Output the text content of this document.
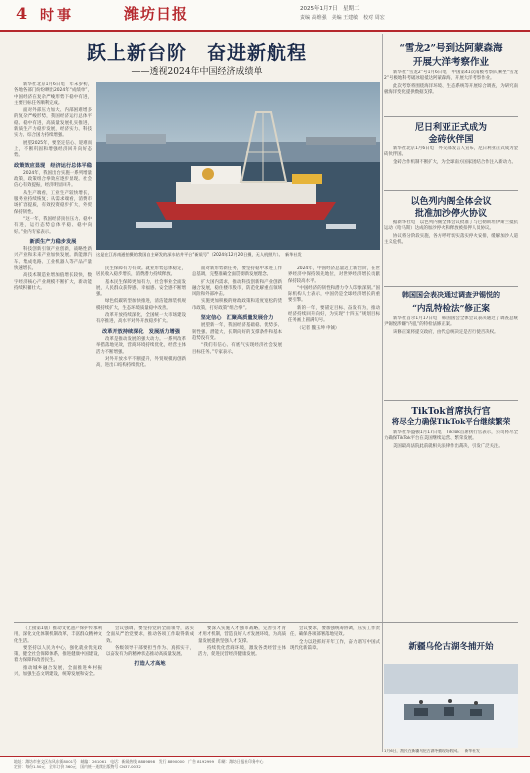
4 时事	潍坊日报	2025年1月7日　星期二
责编 高维强　美编 王建敏　校对 周宏
跃上新台阶　奋进新航程
——透视2024年中国经济成绩单

新华社北京1月6日电　年末岁初，各地各部门纷纷晒出2024年“成绩单”，中国经济在复杂严峻形势下稳中有进，主要目标任务顺利完成。

面对外部压力加大、内部困难增多的复杂严峻形势，我国经济运行总体平稳、稳中有进，高质量发展扎实推进，新质生产力稳步发展，经济实力、科技实力、综合国力持续增强。

展望2025年，要坚定信心、迎难而上，不断巩固和增强经济回升向好态势。

政策效应显现　经济运行总体平稳

2024年，我国出台实施一系列增量政策，政策组合拳效应逐步显现。社会信心有效提振，经济明显回升。

从生产端看，工业生产较快增长，服务业持续恢复；从需求端看，消费市场扩容提质，有效投资稳步扩大，外贸保持韧性。

“这一年，我国经济顶住压力、稳中有进，运行态势总体平稳、稳中向好。”业内专家表示。

新质生产力稳步发展

科技创新引领产业创新，战略性新兴产业和未来产业加快发展。新能源汽车、集成电路、工业机器人等产品产量快速增长。

高技术制造业增加值增长较快，数字经济核心产业规模不断扩大，新动能持续积蓄壮大。

这是在江苏南通拍摄的我国自主研发的深水钻井平台“新质号”（2024年12月20日摄，无人机照片）。　新华社发

民生保障有力有效。就业形势总体稳定，居民收入稳步增长，消费潜力持续释放。

基本民生保障更加有力，社会事业全面发展，人民群众获得感、幸福感、安全感不断增强。

绿色低碳转型加快推进，清洁能源装机规模持续扩大，生态环境质量稳中改善。

改革开放持续深化，全国统一大市场建设有序推进，高水平对外开放稳步扩大。

改革开放持续深化　发展活力增强

改革是推动发展的强大动力。一系列改革举措落地见效，营商环境持续优化，经营主体活力不断增强。

对外开放水平不断提升，外贸规模再创新高，进出口结构持续优化。

面对新形势新任务，要坚持稳中求进工作总基调，完整准确全面贯彻新发展理念。

扩大国内需求，推动科技创新和产业创新融合发展，稳住楼市股市，防范化解重点领域风险和外部冲击。

实施更加积极的财政政策和适度宽松的货币政策，打好政策“组合拳”。

坚定信心　汇聚高质量发展合力

展望新一年，我国经济基础稳、优势多、韧性强、潜能大，长期向好的支撑条件和基本趋势没有变。

“我们有信心、有底气实现经济社会发展目标任务。”专家表示。

2024年，中国经济总量迈上新台阶，在世界经济中保持领先地位，对世界经济增长贡献保持较高水平。

“中国经济的韧性和潜力令人印象深刻。”国际机构人士表示，中国仍是全球经济增长的重要引擎。

新的一年，要锚定目标、奋发有为，推动经济持续回升向好，为实现“十四五”规划目标任务画上圆满句号。

（记者 魏玉坤 申铖）

“雪龙2”号到达阿蒙森海
开展大洋考察作业

新华社“雪龙2”号1月6日电　中国第41次南极考察队乘坐“雪龙2”号极地科考破冰船抵达阿蒙森海，开展大洋考察作业。

此次考察将围绕海洋环境、生态系统等开展综合调查，为研究南极海洋变化提供数据支撑。

尼日利亚正式成为
金砖伙伴国

新华社北京1月6日电　外交部发言人宣布，尼日利亚正式成为金砖伙伴国。

金砖合作机制不断扩大，为全球南方国家团结合作注入新动力。

以色列内阁全体会议
批准加沙停火协议

据新华社电　以色列内阁全体会议批准了与巴勒斯坦伊斯兰抵抗运动（哈马斯）达成的加沙停火和释放被扣押人员协议。

协议将分阶段实施，各方呼吁切实落实停火安排，缓解加沙人道主义危机。

韩国国会表决通过调查尹锡悦的
“内乱特检法”修正案

新华社首尔1月17日电　韩国国会全体会议表决通过了调查总统尹锡悦涉嫌“内乱”的特检法修正案。

该修正案将提交政府，由代总统决定是否行使否决权。

TikTok首席执行官
将尽全力确保TikTok平台继续繁荣

新华社华盛顿1月17日电　TikTok首席执行官表示，公司将尽全力确保TikTok平台在美国继续运营、繁荣发展。

美国最高法院此前就相关法律作出裁决，引发广泛关注。

（上接第1版）推动文化遗产保护传承利用，深化文化体制机制改革，丰富群众精神文化生活。

要坚持以人民为中心，强化就业优先政策，健全社会保障体系，推进健康中国建设，着力保障和改善民生。

推动城乡融合发展，全面推进乡村振兴，加强生态文明建设，统筹发展和安全。

会议强调，要坚持党的全面领导，落实全面从严治党要求，推动各项工作取得新成效。

各级领导干部要担当作为、真抓实干，以奋发有为的精神状态推动高质量发展。

打造人才高地

要深入实施人才强市战略，完善引才育才用才机制，营造良好人才发展环境，为高质量发展提供坚强人才支撑。

持续优化营商环境，激发各类经营主体活力，促进民营经济健康发展。

会议要求，要加强统筹协调，压实工作责任，确保各项部署落地见效。

全力以赴抓好开年工作，奋力谱写中国式现代化新篇章。	新疆乌伦古湖冬捕开始
1月6日，渔民在新疆乌伦古湖冬捕现场收网。　新华社发
地址：潍坊市奎文区东风东街8001号　邮编：261061　电话：新闻热线 8889898　发行 8890000　广告 8192999　印刷：潍坊日报社印务中心
定价：每份1.50元　全年订价 360元　国内统一连续出版物号 CN37-0032
